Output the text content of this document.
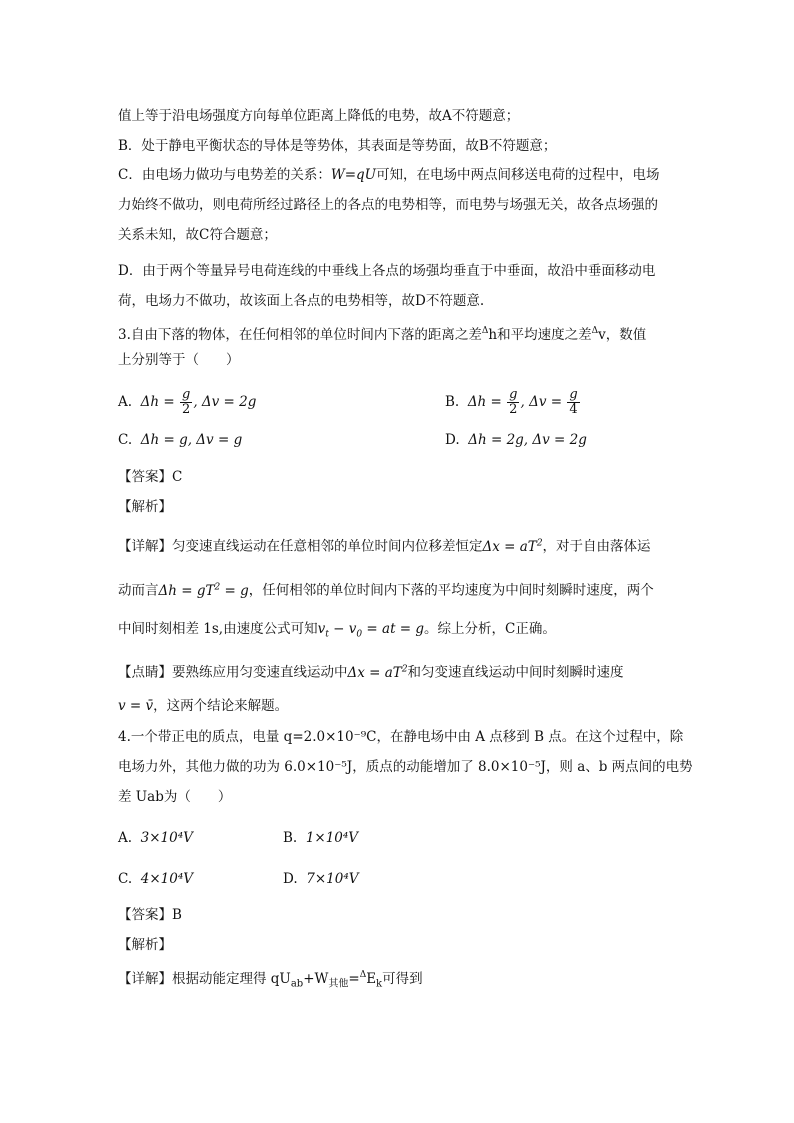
值上等于沿电场强度方向每单位距离上降低的电势，故A不符题意；
B．处于静电平衡状态的导体是等势体，其表面是等势面，故B不符题意；
C．由电场力做功与电势差的关系：W=qU可知，在电场中两点间移送电荷的过程中，电场
力始终不做功，则电荷所经过路径上的各点的电势相等，而电势与场强无关，故各点场强的
关系未知，故C符合题意；
D．由于两个等量异号电荷连线的中垂线上各点的场强均垂直于中垂面，故沿中垂面移动电
荷，电场力不做功，故该面上各点的电势相等，故D不符题意.
3.自由下落的物体，在任何相邻的单位时间内下落的距离之差$^\Delta$h和平均速度之差$^\Delta$v，数值
上分别等于（　　）
A. $\Delta h = \frac{g}{2}$ , Δv = 2g	B. $\Delta h = \frac{g}{2}$ , $\Delta v = \frac{g}{4}$
C. Δh = g, Δv = g	D. Δh = 2g, Δv = 2g
【答案】C
【解析】
【详解】匀变速直线运动在任意相邻的单位时间内位移差恒定$\Delta x = aT^2$，对于自由落体运
动而言$\Delta h = gT^2 = g$，任何相邻的单位时间内下落的平均速度为中间时刻瞬时速度，两个
中间时刻相差 1s,由速度公式可知$v_t - v_0$ = at = g。综上分析，C正确。
【点睛】要熟练应用匀变速直线运动中$\Delta x = aT^2$和匀变速直线运动中间时刻瞬时速度
v = v̄，这两个结论来解题。
4.一个带正电的质点，电量 q=2.0×10⁻⁹C，在静电场中由 A 点移到 B 点。在这个过程中，除
电场力外，其他力做的功为 6.0×10⁻⁵J，质点的动能增加了 8.0×10⁻⁵J，则 a、b 两点间的电势
差 Uab为（　　）
A. 3×10⁴V	B. 1×10⁴V
C. 4×10⁴V	D. 7×10⁴V
【答案】B
【解析】
【详解】根据动能定理得 $qU_{ab}+W_{其他}=^\Delta E_k$可得到
